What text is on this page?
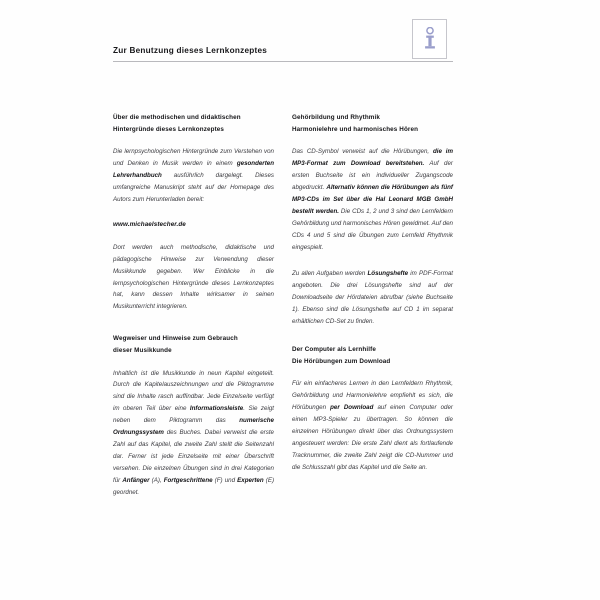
Zur Benutzung dieses Lernkonzeptes
Über die methodischen und didaktischen
Hintergründe dieses Lernkonzeptes

Die lernpsychologischen Hintergründe zum Verstehen von und Denken in Musik werden in einem gesonderten Lehrerhandbuch ausführlich dargelegt. Dieses umfangreiche Manuskript steht auf der Homepage des Autors zum Herunterladen bereit:

www.michaelstecher.de

Dort werden auch methodische, didaktische und pädagogische Hinweise zur Verwendung dieser Musikkunde gegeben. Wer Einblicke in die lernpsychologischen Hintergründe dieses Lernkonzeptes hat, kann dessen Inhalte wirksamer in seinen Musikunterricht integrieren.

Wegweiser und Hinweise zum Gebrauch
dieser Musikkunde

Inhaltlich ist die Musikkunde in neun Kapitel eingeteilt. Durch die Kapitelauszeichnungen und die Piktogramme sind die Inhalte rasch auffindbar. Jede Einzelseite verfügt im oberen Teil über eine Informationsleiste. Sie zeigt neben dem Piktogramm das numerische Ordnungssystem des Buches. Dabei verweist die erste Zahl auf das Kapitel, die zweite Zahl stellt die Seitenzahl dar. Ferner ist jede Einzelseite mit einer Überschrift versehen. Die einzelnen Übungen sind in drei Kategorien für Anfänger (A), Fortgeschrittene (F) und Experten (E) geordnet.

Gehörbildung und Rhythmik
Harmonielehre und harmonisches Hören

Das CD-Symbol verweist auf die Hörübungen, die im MP3-Format zum Download bereitstehen. Auf der ersten Buchseite ist ein individueller Zugangscode abgedruckt. Alternativ können die Hörübungen als fünf MP3-CDs im Set über die Hal Leonard MGB GmbH bestellt werden. Die CDs 1, 2 und 3 sind den Lernfeldern Gehörbildung und harmonisches Hören gewidmet. Auf den CDs 4 und 5 sind die Übungen zum Lernfeld Rhythmik eingespielt.

Zu allen Aufgaben werden Lösungshefte im PDF-Format angeboten. Die drei Lösungshefte sind auf der Downloadseite der Hördateien abrufbar (siehe Buchseite 1). Ebenso sind die Lösungshefte auf CD 1 im separat erhältlichen CD-Set zu finden.

Der Computer als Lernhilfe
Die Hörübungen zum Download

Für ein einfacheres Lernen in den Lernfeldern Rhythmik, Gehörbildung und Harmonielehre empfiehlt es sich, die Hörübungen per Download auf einen Computer oder einen MP3-Spieler zu übertragen. So können die einzelnen Hörübungen direkt über das Ordnungssystem angesteuert werden: Die erste Zahl dient als fortlaufende Tracknummer, die zweite Zahl zeigt die CD-Nummer und die Schlusszahl gibt das Kapitel und die Seite an.
